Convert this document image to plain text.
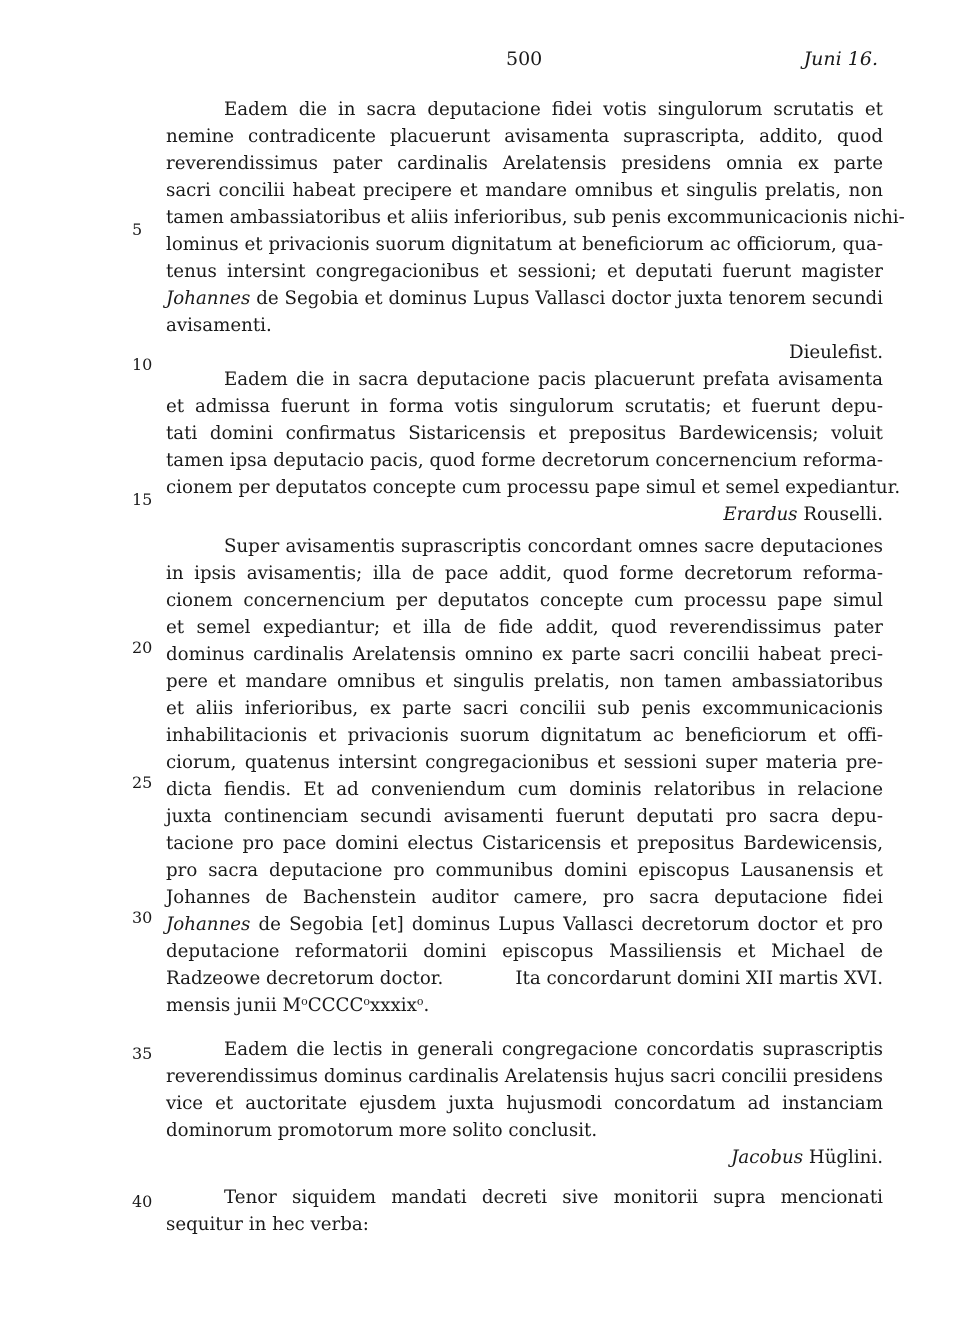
500	Juni 16.
5
10
15
20
25
30
35
40
Eadem die in sacra deputacione fidei votis singulorum scrutatis et
nemine contradicente placuerunt avisamenta suprascripta, addito, quod
reverendissimus pater cardinalis Arelatensis presidens omnia ex parte
sacri concilii habeat precipere et mandare omnibus et singulis prelatis, non
tamen ambassiatoribus et aliis inferioribus, sub penis excommunicacionis nichi-
lominus et privacionis suorum dignitatum at beneficiorum ac officiorum, qua-
tenus intersint congregacionibus et sessioni; et deputati fuerunt magister
Johannes de Segobia et dominus Lupus Vallasci doctor juxta tenorem secundi
avisamenti.
Dieulefist.
Eadem die in sacra deputacione pacis placuerunt prefata avisamenta
et admissa fuerunt in forma votis singulorum scrutatis; et fuerunt depu-
tati domini confirmatus Sistaricensis et prepositus Bardewicensis; voluit
tamen ipsa deputacio pacis, quod forme decretorum concernencium reforma-
cionem per deputatos concepte cum processu pape simul et semel expediantur.
Erardus Rouselli.
Super avisamentis suprascriptis concordant omnes sacre deputaciones
in ipsis avisamentis; illa de pace addit, quod forme decretorum reforma-
cionem concernencium per deputatos concepte cum processu pape simul
et semel expediantur; et illa de fide addit, quod reverendissimus pater
dominus cardinalis Arelatensis omnino ex parte sacri concilii habeat preci-
pere et mandare omnibus et singulis prelatis, non tamen ambassiatoribus
et aliis inferioribus, ex parte sacri concilii sub penis excommunicacionis
inhabilitacionis et privacionis suorum dignitatum ac beneficiorum et offi-
ciorum, quatenus intersint congregacionibus et sessioni super materia pre-
dicta fiendis. Et ad conveniendum cum dominis relatoribus in relacione
juxta continenciam secundi avisamenti fuerunt deputati pro sacra depu-
tacione pro pace domini electus Cistaricensis et prepositus Bardewicensis,
pro sacra deputacione pro communibus domini episcopus Lausanensis et
Johannes de Bachenstein auditor camere, pro sacra deputacione fidei
Johannes de Segobia [et] dominus Lupus Vallasci decretorum doctor et pro
deputacione reformatorii domini episcopus Massiliensis et Michael de
Radzeowe decretorum doctor.	Ita concordarunt domini XII martis XVI.
mensis junii $M^oCCCC^oxxxix^o$.
Eadem die lectis in generali congregacione concordatis suprascriptis
reverendissimus dominus cardinalis Arelatensis hujus sacri concilii presidens
vice et auctoritate ejusdem juxta hujusmodi concordatum ad instanciam
dominorum promotorum more solito conclusit.
Jacobus Hüglini.
Tenor siquidem mandati decreti sive monitorii supra mencionati
sequitur in hec verba:
